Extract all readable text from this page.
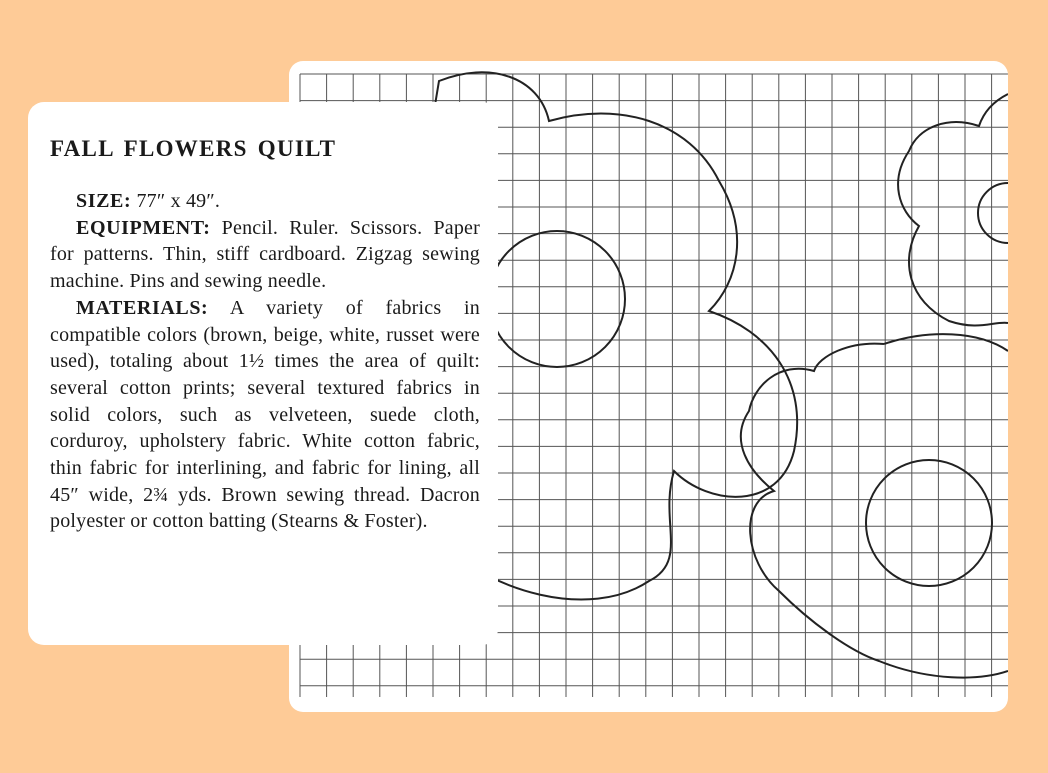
FALL FLOWERS QUILT

SIZE: 77″ x 49″.

EQUIPMENT: Pencil. Ruler. Scissors. Paper for patterns. Thin, stiff cardboard. Zigzag sewing machine. Pins and sewing needle.

MATERIALS: A variety of fabrics in compatible colors (brown, beige, white, russet were used), totaling about 1½ times the area of quilt: several cotton prints; several textured fabrics in solid colors, such as velveteen, suede cloth, corduroy, upholstery fabric. White cotton fabric, thin fabric for interlining, and fabric for lining, all 45″ wide, 2¾ yds. Brown sewing thread. Dacron polyester or cotton batting (Stearns & Foster).
